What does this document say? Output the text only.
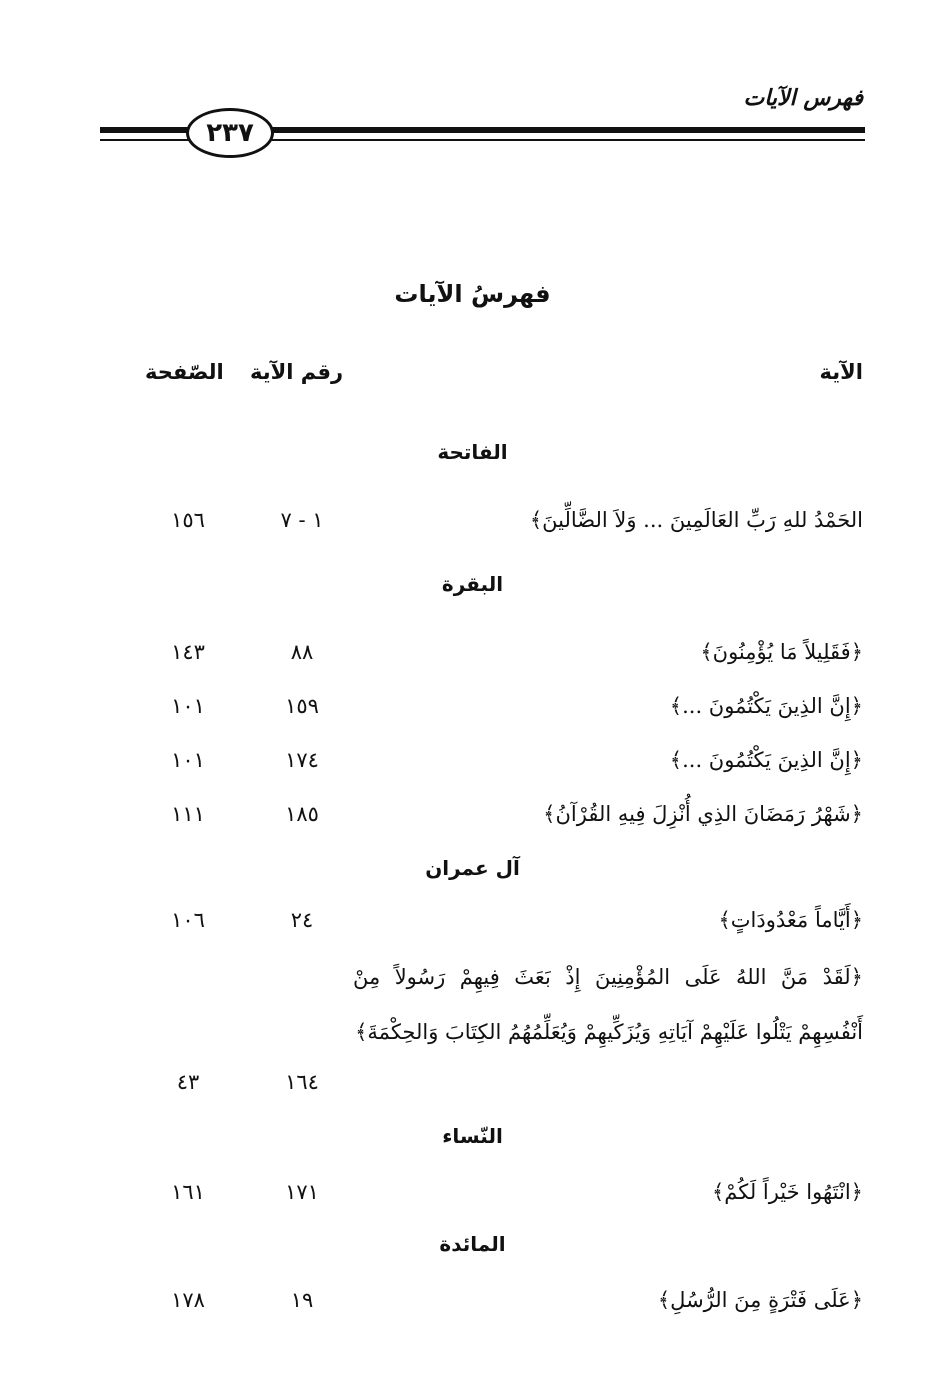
فهرس الآيات
٢٣٧
فهرسُ الآيات
الآية
رقم الآية
الصّفحة
الفاتحة
الحَمْدُ للهِ رَبِّ العَالَمِينَ ... وَلاَ الضَّالِّينَ﴾
١ - ٧
١٥٦
البقرة
﴿فَقَلِيلاً مَا يُؤْمِنُونَ﴾
٨٨
١٤٣
﴿إِنَّ الذِينَ يَكْتُمُونَ ...﴾
١٥٩
١٠١
﴿إِنَّ الذِينَ يَكْتُمُونَ ...﴾
١٧٤
١٠١
﴿شَهْرُ رَمَضَانَ الذِي أُنْزِلَ فِيهِ القُرْآنُ﴾
١٨٥
١١١
آل عمران
﴿أَيَّاماً مَعْدُودَاتٍ﴾
٢٤
١٠٦
﴿لَقَدْ مَنَّ اللهُ عَلَى المُؤْمِنِينَ إِذْ بَعَثَ فِيهِمْ رَسُولاً مِنْ أَنْفُسِهِمْ يَتْلُوا عَلَيْهِمْ آيَاتِهِ وَيُزَكِّيهِمْ وَيُعَلِّمُهُمُ الكِتَابَ وَالحِكْمَةَ﴾
١٦٤
٤٣
النّساء
﴿انْتَهُوا خَيْراً لَكُمْ﴾
١٧١
١٦١
المائدة
﴿عَلَى فَتْرَةٍ مِنَ الرُّسُلِ﴾
١٩
١٧٨
